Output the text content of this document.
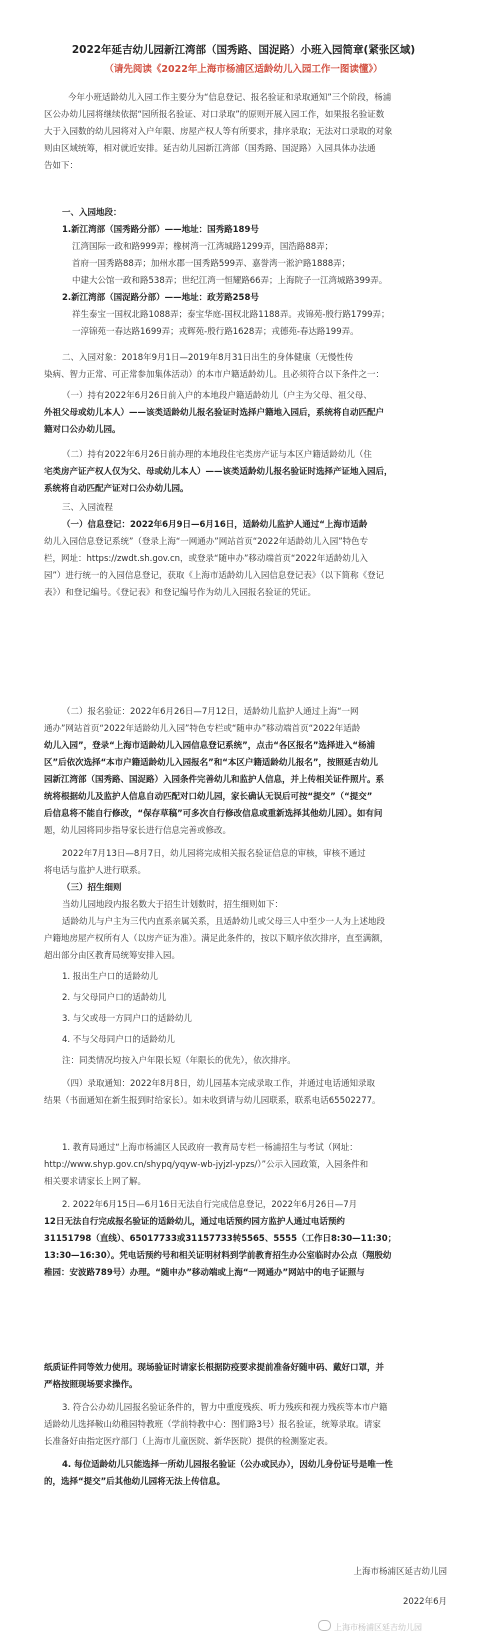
2022年延吉幼儿园新江湾部（国秀路、国浞路）小班入园简章(紧张区域)
（请先阅读《2022年上海市杨浦区适龄幼儿入园工作一图读懂》）
今年小班适龄幼儿入园工作主要分为“信息登记、报名验证和录取通知”三个阶段，杨浦
区公办幼儿园将继续依据“园所报名验证、对口录取”的原则开展入园工作，如果报名验证数
大于入园数的幼儿园将对入户年限、房屋产权人等有所要求，排序录取；无法对口录取的对象
则由区域统筹，相对就近安排。延吉幼儿园新江湾部（国秀路、国浞路）入园具体办法通
告如下：
一、入园地段：
1.新江湾部（国秀路分部）——地址：国秀路189号
江湾国际一政和路999弄；橡树湾一江湾城路1299弄，国浩路88弄；
首府一国秀路88弄；加州水郡一国秀路599弄、嘉誉湾一淞沪路1888弄；
中建大公馆一政和路538弄；世纪江湾一恒耀路66弄；上海院子一江湾城路399弄。
2.新江湾部（国浞路分部）——地址：政芳路258号
祥生泰宝一国权北路1088弄；泰宝华庭-国权北路1188弄。戎锦苑-殷行路1799弄；
一淳锦苑一春达路1699弄；戎辉苑-殷行路1628弄；戎德苑-春达路199弄。
二、入园对象：2018年9月1日—2019年8月31日出生的身体健康（无慢性传
染病、智力正常、可正常参加集体活动）的本市户籍适龄幼儿。且必须符合以下条件之一：
（一）持有2022年6月26日前入户的本地段户籍适龄幼儿（户主为父母、祖父母、
外祖父母或幼儿本人）——该类适龄幼儿报名验证时选择户籍地入园后，系统将自动匹配户
籍对口公办幼儿园。
（二）持有2022年6月26日前办理的本地段住宅类房产证与本区户籍适龄幼儿（住
宅类房产证产权人仅为父、母或幼儿本人）——该类适龄幼儿报名验证时选择产证地入园后，
系统将自动匹配产证对口公办幼儿园。
三、入园流程
（一）信息登记：2022年6月9日—6月16日，适龄幼儿监护人通过“上海市适龄
幼儿入园信息登记系统”（登录上海“一网通办”网站首页“2022年适龄幼儿入园”特色专
栏，网址：https://zwdt.sh.gov.cn，或登录“随申办”移动端首页“2022年适龄幼儿入
园”）进行统一的入园信息登记，获取《上海市适龄幼儿入园信息登记表》（以下简称《登记
表》）和登记编号。《登记表》和登记编号作为幼儿入园报名验证的凭证。
（二）报名验证：2022年6月26日—7月12日，适龄幼儿监护人通过上海“一网
通办”网站首页“2022年适龄幼儿入园”特色专栏或“随申办”移动端首页“2022年适龄
幼儿入园”，登录“上海市适龄幼儿入园信息登记系统”，点击“各区报名”选择进入“杨浦
区”后依次选择“本市户籍适龄幼儿入园报名”和“本区户籍适龄幼儿报名”，按照延吉幼儿
园新江湾部（国秀路、国浞路）入园条件完善幼儿和监护人信息，并上传相关证件照片。系
统将根据幼儿及监护人信息自动匹配对口幼儿园，家长确认无误后可按“提交”（“提交”
后信息将不能自行修改，“保存草稿”可多次自行修改信息或重新选择其他幼儿园）。如有问
题，幼儿园将同步指导家长进行信息完善或修改。
2022年7月13日—8月7日，幼儿园将完成相关报名验证信息的审核，审核不通过
将电话与监护人进行联系。
（三）招生细则
当幼儿园地段内报名数大于招生计划数时，招生细则如下：
适龄幼儿与户主为三代内直系亲属关系，且适龄幼儿或父母三人中至少一人为上述地段
户籍地房屋产权所有人（以房产证为准）。满足此条件的，按以下顺序依次排序，直至满额，
超出部分由区教育局统筹安排入园。
1. 报出生户口的适龄幼儿
2. 与父母同户口的适龄幼儿
3. 与父或母一方同户口的适龄幼儿
4. 不与父母同户口的适龄幼儿
注：同类情况均按入户年限长短（年限长的优先），依次排序。
（四）录取通知：2022年8月8日，幼儿园基本完成录取工作，并通过电话通知录取
结果（书面通知在新生报到时给家长）。如未收到请与幼儿园联系，联系电话65502277。
1. 教育局通过“上海市杨浦区人民政府一教育局专栏一杨浦招生与考试（网址：
http://www.shyp.gov.cn/shypq/yqyw-wb-jyjzl-ypzs/）”公示入园政策，入园条件和
相关要求请家长上网了解。
2. 2022年6月15日—6月16日无法自行完成信息登记，2022年6月26日—7月
12日无法自行完成报名验证的适龄幼儿，通过电话预约园方监护人通过电话预约
31151798（直线）、65017733或31157733转5565、5555（工作日8:30—11:30；
13:30—16:30）。凭电话预约号和相关证明材料到学前教育招生办公室临时办公点（翔殷幼
稚园：安波路789号）办理。“随申办”移动端或上海“一网通办”网站中的电子证照与
纸质证件同等效力使用。现场验证时请家长根据防疫要求提前准备好随申码、戴好口罩，并
严格按照现场要求操作。
3. 符合公办幼儿园报名验证条件的，智力中重度残疾、听力残疾和视力残疾等本市户籍
适龄幼儿选择鞍山幼稚园特教班（学前特教中心：图们路3号）报名验证，统筹录取。请家
长准备好由指定医疗部门（上海市儿童医院、新华医院）提供的检测鉴定表。
4. 每位适龄幼儿只能选择一所幼儿园报名验证（公办或民办），因幼儿身份证号是唯一性
的，选择“提交”后其他幼儿园将无法上传信息。
上海市杨浦区延吉幼儿园
2022年6月
上海市杨浦区延吉幼儿园
